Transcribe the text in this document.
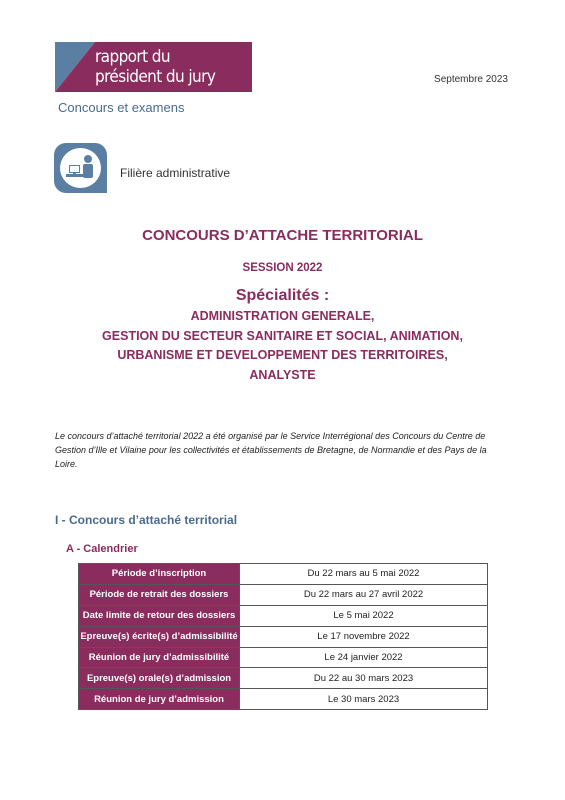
rapport du
président du jury	Septembre 2023
Concours et examens
Filière administrative
CONCOURS D’ATTACHE TERRITORIAL
SESSION 2022
Spécialités :
ADMINISTRATION GENERALE,
GESTION DU SECTEUR SANITAIRE ET SOCIAL, ANIMATION,
URBANISME ET DEVELOPPEMENT DES TERRITOIRES,
ANALYSTE
Le concours d’attaché territorial 2022 a été organisé par le Service Interrégional des Concours du Centre de Gestion d’Ille et Vilaine pour les collectivités et établissements de Bretagne, de Normandie et des Pays de la Loire.
I - Concours d’attaché territorial
A - Calendrier
Période d’inscription	Du 22 mars au 5 mai 2022
Période de retrait des dossiers	Du 22 mars au 27 avril 2022
Date limite de retour des dossiers	Le 5 mai 2022
Epreuve(s) écrite(s) d’admissibilité	Le 17 novembre 2022
Réunion de jury d’admissibilité	Le 24 janvier 2022
Epreuve(s) orale(s) d’admission	Du 22 au 30 mars 2023
Réunion de jury d’admission	Le 30 mars 2023
